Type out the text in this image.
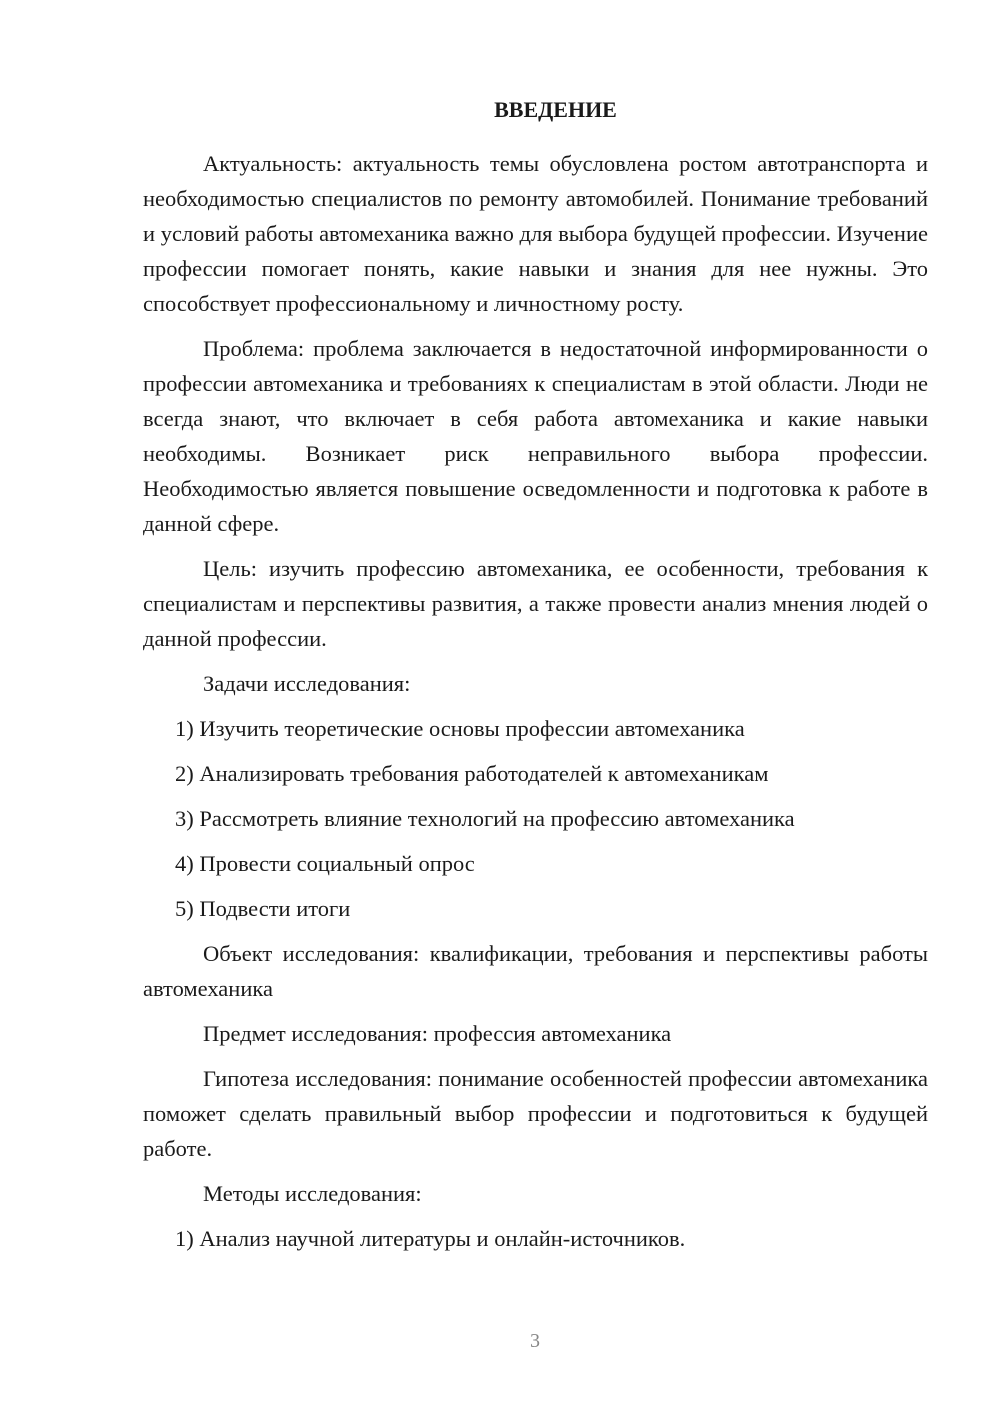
ВВЕДЕНИЕ

Актуальность: актуальность темы обусловлена ростом автотранспорта и необходимостью специалистов по ремонту автомобилей. Понимание требований и условий работы автомеханика важно для выбора будущей профессии. Изучение профессии помогает понять, какие навыки и знания для нее нужны. Это способствует профессиональному и личностному росту.

Проблема: проблема заключается в недостаточной информированности о профессии автомеханика и требованиях к специалистам в этой области. Люди не всегда знают, что включает в себя работа автомеханика и какие навыки необходимы. Возникает риск неправильного выбора профессии. Необходимостью является повышение осведомленности и подготовка к работе в данной сфере.

Цель: изучить профессию автомеханика, ее особенности, требования к специалистам и перспективы развития, а также провести анализ мнения людей о данной профессии.

Задачи исследования:

1) Изучить теоретические основы профессии автомеханика
2) Анализировать требования работодателей к автомеханикам
3) Рассмотреть влияние технологий на профессию автомеханика
4) Провести социальный опрос
5) Подвести итоги

Объект исследования: квалификации, требования и перспективы работы автомеханика

Предмет исследования: профессия автомеханика

Гипотеза исследования: понимание особенностей профессии автомеханика поможет сделать правильный выбор профессии и подготовиться к будущей работе.

Методы исследования:

1) Анализ научной литературы и онлайн-источников.
3
